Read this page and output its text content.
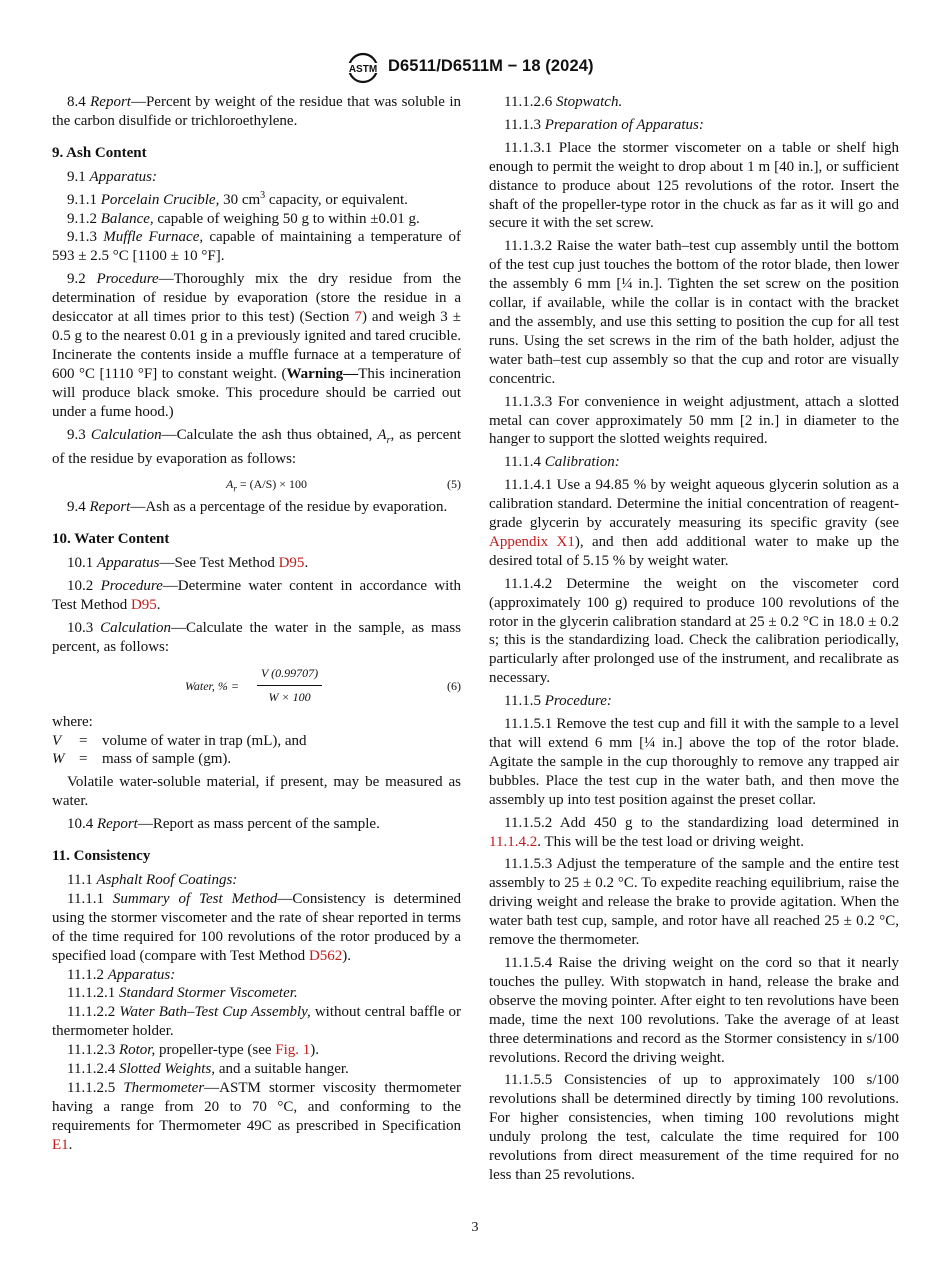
ASTM D6511/D6511M − 18 (2024)

8.4 Report—Percent by weight of the residue that was soluble in the carbon disulfide or trichloroethylene.

9. Ash Content

9.1 Apparatus:

9.1.1 Porcelain Crucible, 30 $cm^3$ capacity, or equivalent.

9.1.2 Balance, capable of weighing 50 g to within ±0.01 g.

9.1.3 Muffle Furnace, capable of maintaining a temperature of 593 ± 2.5 °C [1100 ± 10 °F].

9.2 Procedure—Thoroughly mix the dry residue from the determination of residue by evaporation (store the residue in a desiccator at all times prior to this test) (Section 7) and weigh 3 ± 0.5 g to the nearest 0.01 g in a previously ignited and tared crucible. Incinerate the contents inside a muffle furnace at a temperature of 600 °C [1110 °F] to constant weight. (Warning—This incineration will produce black smoke. This procedure should be carried out under a fume hood.)

9.3 Calculation—Calculate the ash thus obtained, $A_r$, as percent of the residue by evaporation as follows:

$A_r = (A/S) \times 100$	(5)

9.4 Report—Ash as a percentage of the residue by evaporation.

10. Water Content

10.1 Apparatus—See Test Method D95.

10.2 Procedure—Determine water content in accordance with Test Method D95.

10.3 Calculation—Calculate the water in the sample, as mass percent, as follows:

Water, % = $\frac{V (0.99707)}{W \times 100}$	(6)

where:

V	= volume of water in trap (mL), and
W = mass of sample (gm).

Volatile water-soluble material, if present, may be measured as water.

10.4 Report—Report as mass percent of the sample.

11. Consistency

11.1 Asphalt Roof Coatings:

11.1.1 Summary of Test Method—Consistency is determined using the stormer viscometer and the rate of shear reported in terms of the time required for 100 revolutions of the rotor produced by a specified load (compare with Test Method D562).

11.1.2 Apparatus:

11.1.2.1 Standard Stormer Viscometer.

11.1.2.2 Water Bath–Test Cup Assembly, without central baffle or thermometer holder.

11.1.2.3 Rotor, propeller-type (see Fig. 1).

11.1.2.4 Slotted Weights, and a suitable hanger.

11.1.2.5 Thermometer—ASTM stormer viscosity thermometer having a range from 20 to 70 °C, and conforming to the requirements for Thermometer 49C as prescribed in Specification E1.

11.1.2.6 Stopwatch.

11.1.3 Preparation of Apparatus:

11.1.3.1 Place the stormer viscometer on a table or shelf high enough to permit the weight to drop about 1 m [40 in.], or sufficient distance to produce about 125 revolutions of the rotor. Insert the shaft of the propeller-type rotor in the chuck as far as it will go and secure it with the set screw.

11.1.3.2 Raise the water bath–test cup assembly until the bottom of the test cup just touches the bottom of the rotor blade, then lower the assembly 6 mm [¼ in.]. Tighten the set screw on the position collar, if available, while the collar is in contact with the bracket and the assembly, and use this setting to position the cup for all test runs. Using the set screws in the rim of the bath holder, adjust the water bath–test cup assembly so that the cup and rotor are visually concentric.

11.1.3.3 For convenience in weight adjustment, attach a slotted metal can cover approximately 50 mm [2 in.] in diameter to the hanger to support the slotted weights required.

11.1.4 Calibration:

11.1.4.1 Use a 94.85 % by weight aqueous glycerin solution as a calibration standard. Determine the initial concentration of reagent-grade glycerin by accurately measuring its specific gravity (see Appendix X1), and then add additional water to make up the desired total of 5.15 % by weight water.

11.1.4.2 Determine the weight on the viscometer cord (approximately 100 g) required to produce 100 revolutions of the rotor in the glycerin calibration standard at 25 ± 0.2 °C in 18.0 ± 0.2 s; this is the standardizing load. Check the calibration periodically, particularly after prolonged use of the instrument, and recalibrate as necessary.

11.1.5 Procedure:

11.1.5.1 Remove the test cup and fill it with the sample to a level that will extend 6 mm [¼ in.] above the top of the rotor blade. Agitate the sample in the cup thoroughly to remove any trapped air bubbles. Place the test cup in the water bath, and then move the assembly up into test position against the preset collar.

11.1.5.2 Add 450 g to the standardizing load determined in 11.1.4.2. This will be the test load or driving weight.

11.1.5.3 Adjust the temperature of the sample and the entire test assembly to 25 ± 0.2 °C. To expedite reaching equilibrium, raise the driving weight and release the brake to provide agitation. When the water bath test cup, sample, and rotor have all reached 25 ± 0.2 °C, remove the thermometer.

11.1.5.4 Raise the driving weight on the cord so that it nearly touches the pulley. With stopwatch in hand, release the brake and observe the moving pointer. After eight to ten revolutions have been made, time the next 100 revolutions. Take the average of at least three determinations and record as the Stormer consistency in s/100 revolutions. Record the driving weight.

11.1.5.5 Consistencies of up to approximately 100 s/100 revolutions shall be determined directly by timing 100 revolutions. For higher consistencies, when timing 100 revolutions might unduly prolong the test, calculate the time required for 100 revolutions from direct measurement of the time required for no less than 25 revolutions.

3
